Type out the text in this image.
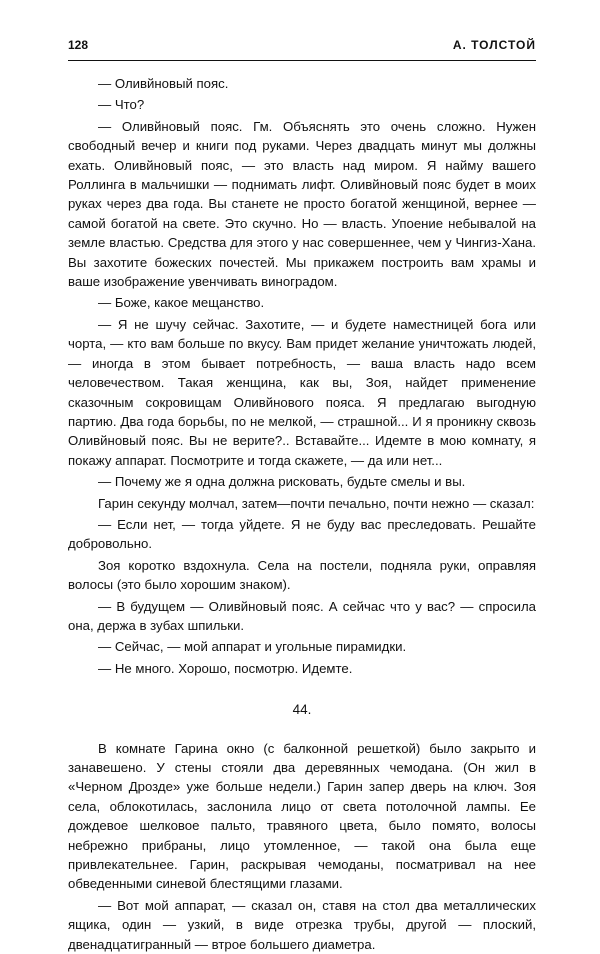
128	А. ТОЛСТОЙ

— Оливйновый пояс.

— Что?

— Оливйновый пояс. Гм. Объяснять это очень сложно. Нужен свободный вечер и книги под руками. Через двадцать минут мы должны ехать. Оливйновый пояс, — это власть над миром. Я найму вашего Роллинга в мальчишки — поднимать лифт. Оливйновый пояс будет в моих руках через два года. Вы станете не просто богатой женщиной, вернее — самой богатой на свете. Это скучно. Но — власть. Упоение небывалой на земле властью. Средства для этого у нас совершеннее, чем у Чингиз-Хана. Вы захотите божеских почестей. Мы прикажем построить вам храмы и ваше изображение увенчивать виноградом.

— Боже, какое мещанство.

— Я не шучу сейчас. Захотите, — и будете наместницей бога или чорта, — кто вам больше по вкусу. Вам придет желание уничтожать людей, — иногда в этом бывает потребность, — ваша власть надо всем человечеством. Такая женщина, как вы, Зоя, найдет применение сказочным сокровищам Оливйнового пояса. Я предлагаю выгодную партию. Два года борьбы, по не мелкой, — страшной... И я проникну сквозь Оливйновый пояс. Вы не верите?.. Вставайте... Идемте в мою комнату, я покажу аппарат. Посмотрите и тогда скажете, — да или нет...

— Почему же я одна должна рисковать, будьте смелы и вы.

Гарин секунду молчал, затем—почти печально, почти нежно — сказал:

— Если нет, — тогда уйдете. Я не буду вас преследовать. Решайте добровольно.

Зоя коротко вздохнула. Села на постели, подняла руки, оправляя волосы (это было хорошим знаком).

— В будущем — Оливйновый пояс. А сейчас что у вас? — спросила она, держа в зубах шпильки.

— Сейчас, — мой аппарат и угольные пирамидки.

— Не много. Хорошо, посмотрю. Идемте.

44.

В комнате Гарина окно (с балконной решеткой) было закрыто и занавешено. У стены стояли два деревянных чемодана. (Он жил в «Черном Дрозде» уже больше недели.) Гарин запер дверь на ключ. Зоя села, облокотилась, заслонила лицо от света потолочной лампы. Ее дождевое шелковое пальто, травяного цвета, было помято, волосы небрежно прибраны, лицо утомленное, — такой она была еще привлекательнее. Гарин, раскрывая чемоданы, посматривал на нее обведенными синевой блестящими глазами.

— Вот мой аппарат, — сказал он, ставя на стол два металлических ящика, один — узкий, в виде отрезка трубы, другой — плоский, двенадцатигранный — втрое большего диаметра.
